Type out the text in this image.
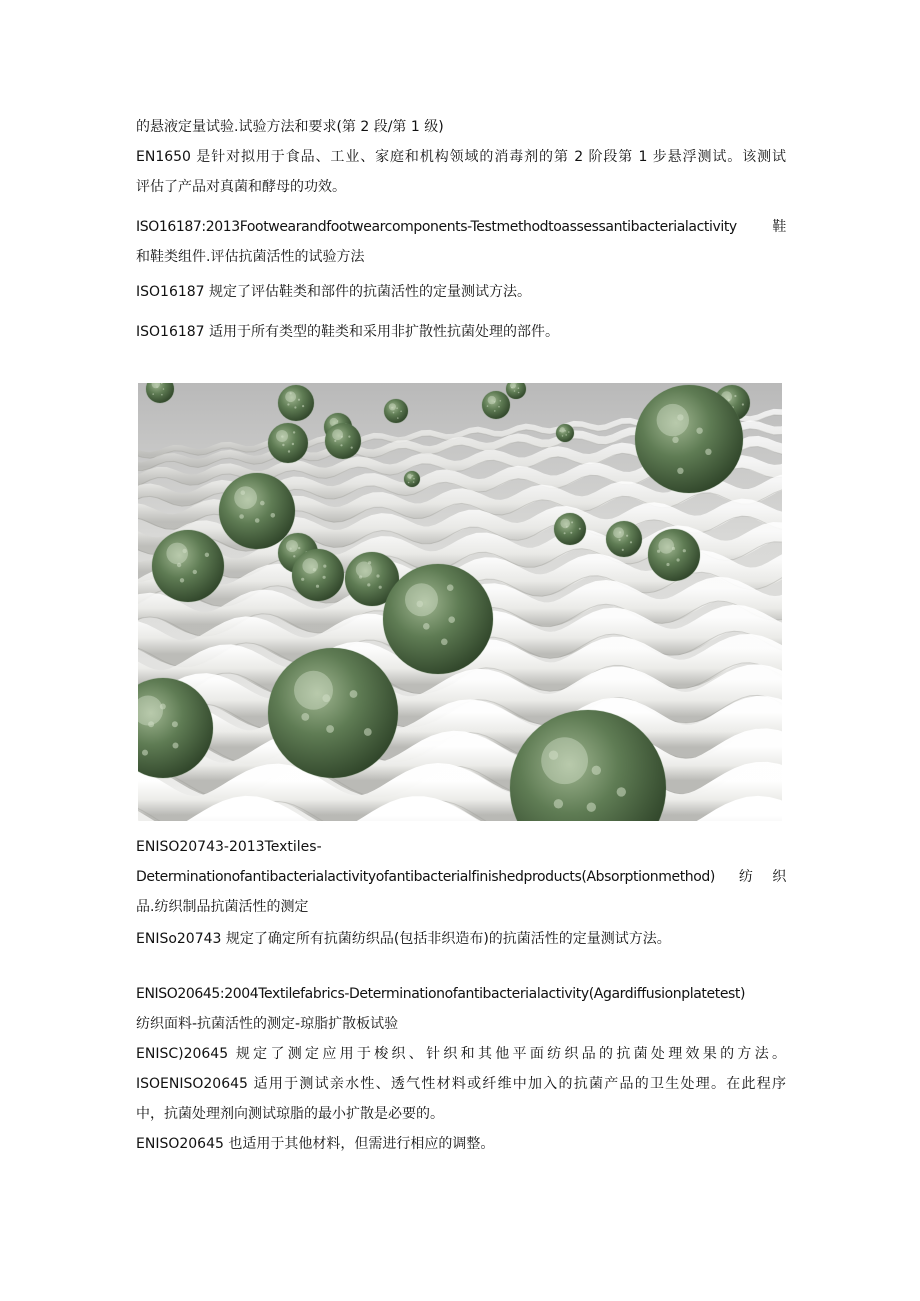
的悬液定量试验.试验方法和要求(第 2 段/第 1 级)
EN1650 是针对拟用于食品、工业、家庭和机构领域的消毒剂的第 2 阶段第 1 步悬浮测试。该测试
评估了产品对真菌和酵母的功效。
ISO16187:2013Footwearandfootwearcomponents-Testmethodtoassessantibacterialactivity 鞋
和鞋类组件.评估抗菌活性的试验方法
ISO16187 规定了评估鞋类和部件的抗菌活性的定量测试方法。
ISO16187 适用于所有类型的鞋类和采用非扩散性抗菌处理的部件。
ENISO20743-2013Textiles-
Determinationofantibacterialactivityofantibacterialfinishedproducts(Absorptionmethod) 纺织
品.纺织制品抗菌活性的测定
ENISo20743 规定了确定所有抗菌纺织品(包括非织造布)的抗菌活性的定量测试方法。
ENISO20645:2004Textilefabrics-Determinationofantibacterialactivity(Agardiffusionplatetest)
纺织面料-抗菌活性的测定-琼脂扩散板试验
ENISC)20645 规定了测定应用于梭织、针织和其他平面纺织品的抗菌处理效果的方法。
ISOENISO20645 适用于测试亲水性、透气性材料或纤维中加入的抗菌产品的卫生处理。在此程序
中，抗菌处理剂向测试琼脂的最小扩散是必要的。
ENISO20645 也适用于其他材料，但需进行相应的调整。
